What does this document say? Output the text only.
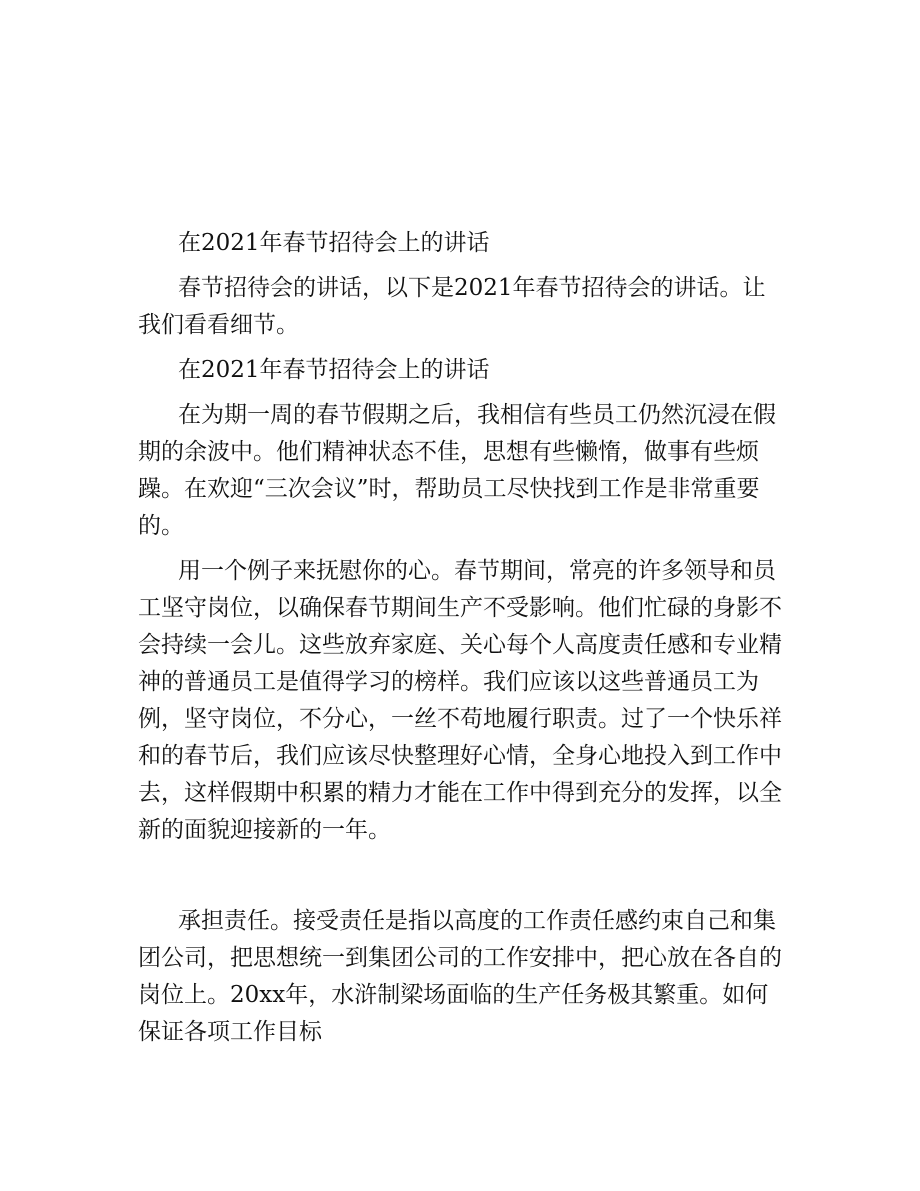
在2021年春节招待会上的讲话

春节招待会的讲话，以下是2021年春节招待会的讲话。让我们看看细节。

在2021年春节招待会上的讲话

在为期一周的春节假期之后，我相信有些员工仍然沉浸在假期的余波中。他们精神状态不佳，思想有些懒惰，做事有些烦躁。在欢迎“三次会议”时，帮助员工尽快找到工作是非常重要的。

用一个例子来抚慰你的心。春节期间，常亮的许多领导和员工坚守岗位，以确保春节期间生产不受影响。他们忙碌的身影不会持续一会儿。这些放弃家庭、关心每个人高度责任感和专业精神的普通员工是值得学习的榜样。我们应该以这些普通员工为例，坚守岗位，不分心，一丝不苟地履行职责。过了一个快乐祥和的春节后，我们应该尽快整理好心情，全身心地投入到工作中去，这样假期中积累的精力才能在工作中得到充分的发挥，以全新的面貌迎接新的一年。

承担责任。接受责任是指以高度的工作责任感约束自己和集团公司，把思想统一到集团公司的工作安排中，把心放在各自的岗位上。20xx年，水浒制梁场面临的生产任务极其繁重。如何保证各项工作目标
